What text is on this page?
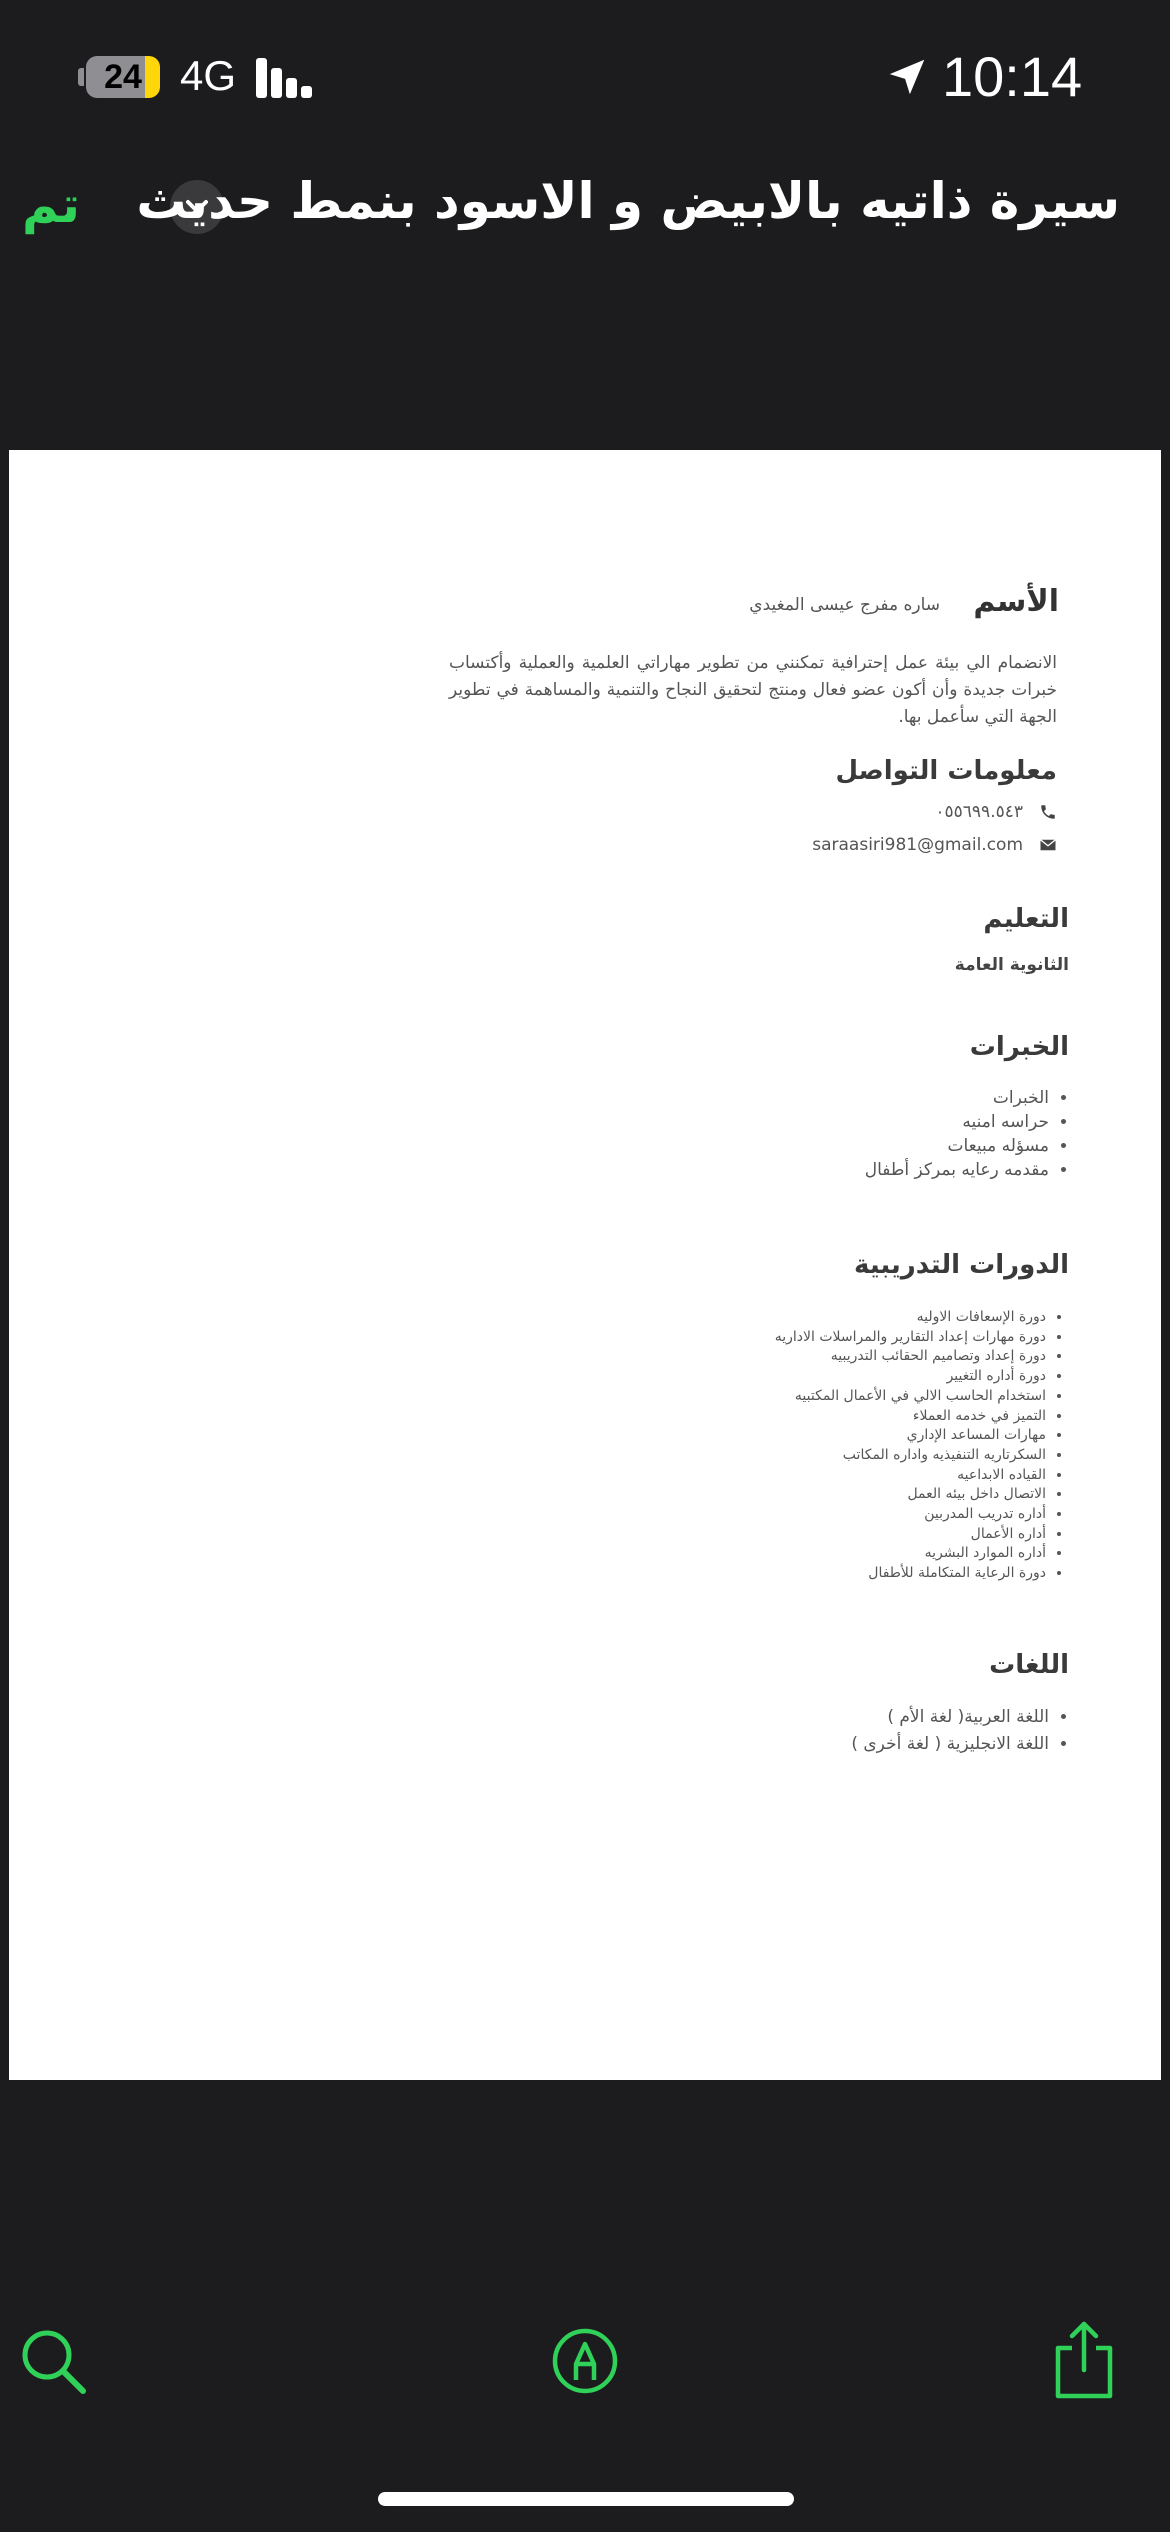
24 4G	10:14
تم سيرة ذاتيه بالابيض و الاسود بنمط حديث
الأسم
ساره مفرج عيسى المغيدي
الانضمام الي بيئة عمل إحترافية تمكنني من تطوير مهاراتي العلمية والعملية وأكتساب خبرات جديدة وأن أكون عضو فعال ومنتج لتحقيق النجاح والتنمية والمساهمة في تطوير الجهة التي سأعمل بها.
معلومات التواصل
٠٥٥٦٩٩.٥٤٣
saraasiri981@gmail.com
التعليم
الثانوية العامة
الخبرات
• الخبرات
• حراسه امنيه
• مسؤله مبيعات
• مقدمه رعايه بمركز أطفال
الدورات التدريبية
• دورة الإسعافات الاوليه
• دورة مهارات إعداد التقارير والمراسلات الاداريه
• دورة إعداد وتصاميم الحقائب التدريبيه
• دورة أداره التغيير
• استخدام الحاسب الالي في الأعمال المكتبيه
• التميز في خدمه العملاء
• مهارات المساعد الإداري
• السكرتاريه التنفيذيه واداره المكاتب
• القياده الابداعيه
• الاتصال داخل بيئه العمل
• أداره تدريب المدربين
• أداره الأعمال
• أداره الموارد البشريه
• دورة الرعاية المتكاملة للأطفال
اللغات
• اللغة العربية( لغة الأم )
• اللغة الانجليزية ( لغة أخرى )
